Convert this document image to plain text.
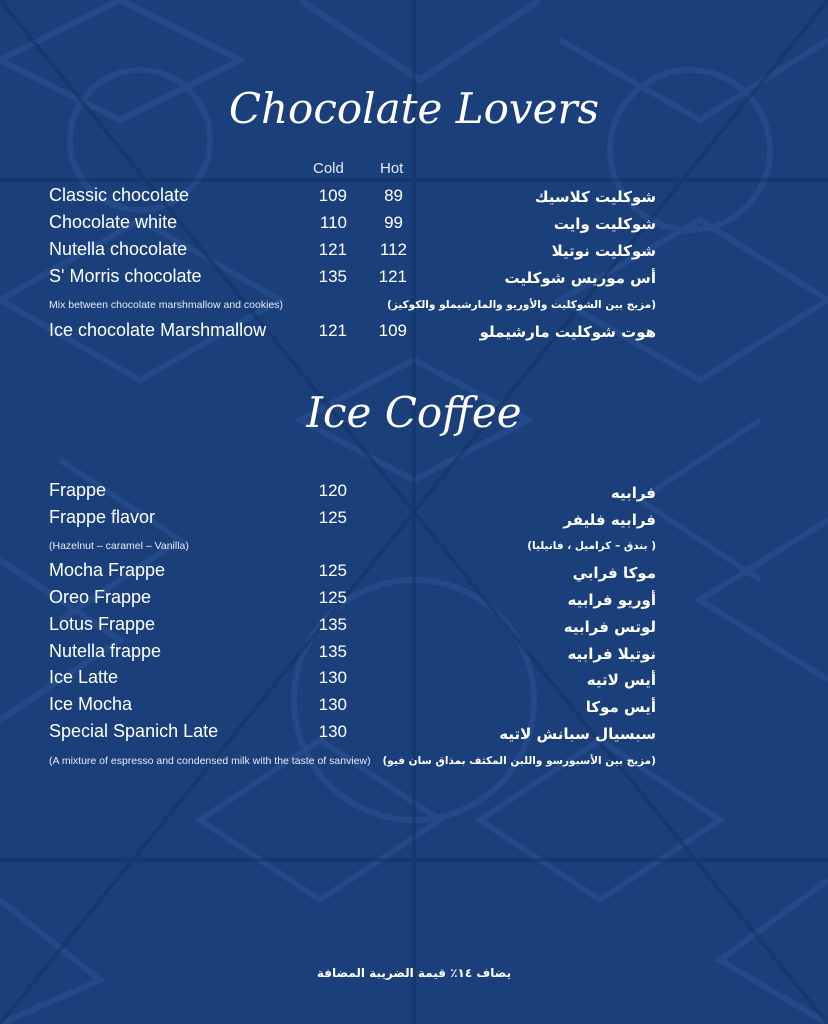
Chocolate Lovers
Cold Hot
Classic chocolate	109	89	شوكليت كلاسيك
Chocolate white	110	99	شوكليت وايت
Nutella chocolate	121	112	شوكليت نوتيلا
S' Morris chocolate	135	121	أس موريس شوكليت
Mix between chocolate marshmallow and cookies)	(مزيج بين الشوكليت والأوريو والمارشيملو والكوكيز)
Ice chocolate Marshmallow	121	109	هوت شوكليت مارشيملو
Ice Coffee
Frappe	120	فرابيه
Frappe flavor	125	فرابيه فليفر
(Hazelnut – caramel – Vanilla)	( بندق – كراميل ، فانيليا)
Mocha Frappe	125	موكا فرابي
Oreo Frappe	125	أوريو فرابيه
Lotus Frappe	135	لوتس فرابيه
Nutella frappe	135	نوتيلا فرابيه
Ice Latte	130	أيس لاتيه
Ice Mocha	130	أيس موكا
Special Spanich Late	130	سبسيال سبانش لاتيه
(A mixture of espresso and condensed milk with the taste of sanview) (مزيج بين الأسبورسو واللبن المكثف بمذاق سان فيو)
يضاف ١٤٪ قيمة الضريبة المضافة
